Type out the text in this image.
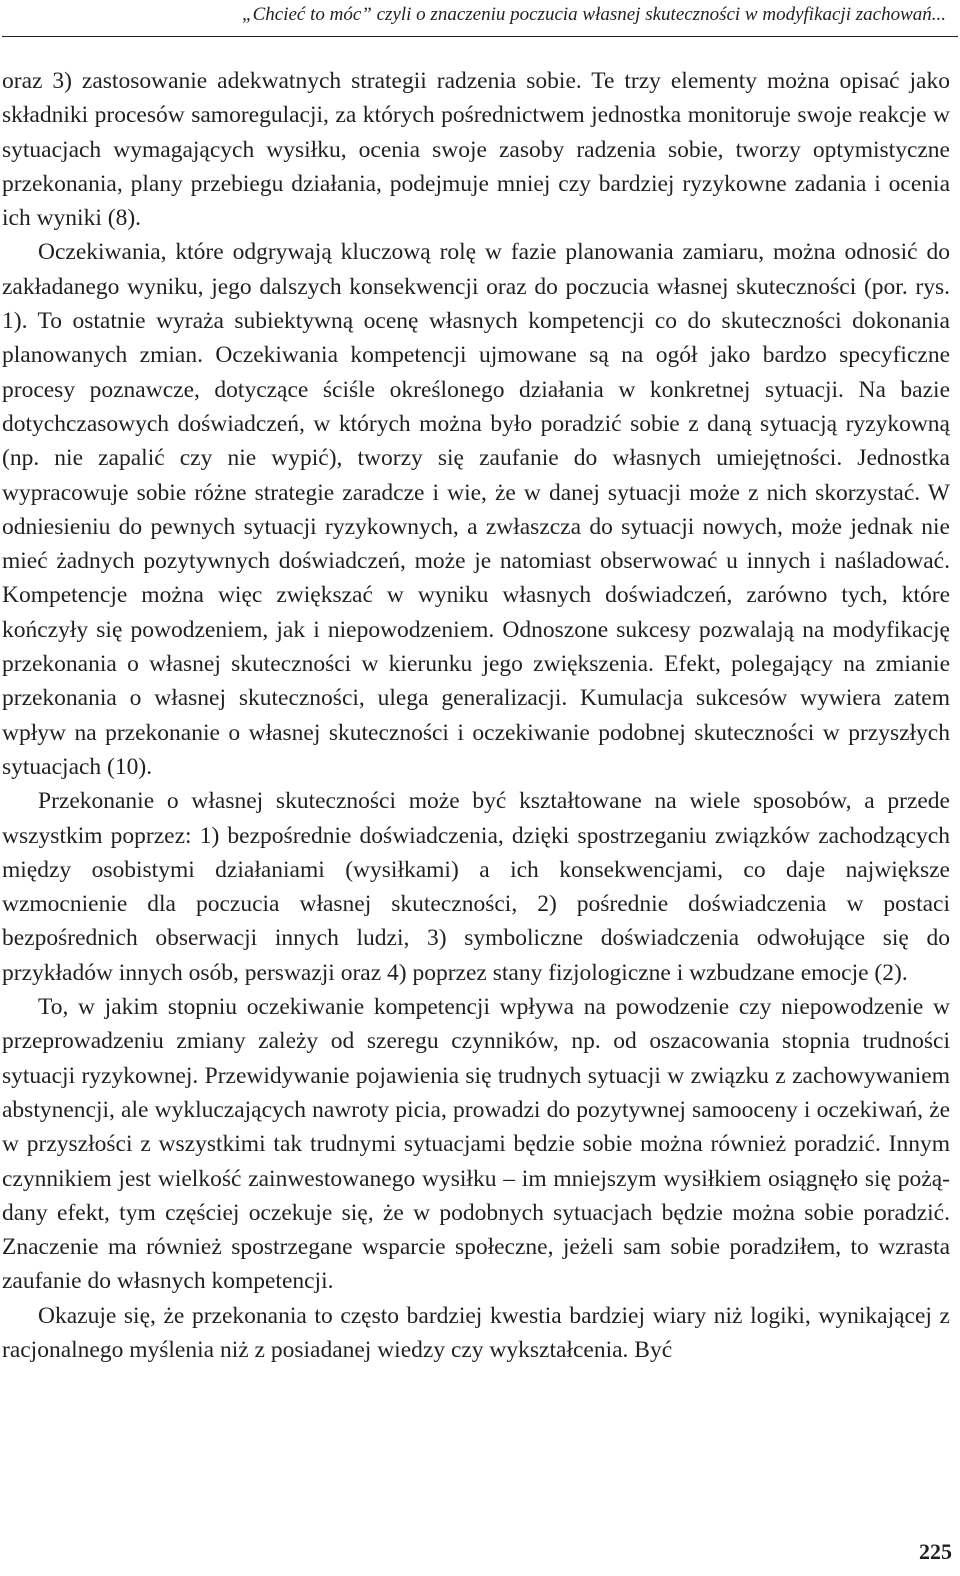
„Chcieć to móc” czyli o znaczeniu poczucia własnej skuteczności w modyfikacji zachowań...

oraz 3) zastosowanie adekwatnych strategii radzenia sobie. Te trzy elementy można opisać jako składniki procesów samoregulacji, za których pośrednictwem jednostka monitoruje swoje reakcje w sytuacjach wymagających wysiłku, ocenia swoje zasoby radzenia sobie, tworzy optymistyczne przekonania, plany przebiegu działania, podejmuje mniej czy bardziej ryzykowne zadania i ocenia ich wyniki (8).

Oczekiwania, które odgrywają kluczową rolę w fazie planowania zamiaru, można odnosić do zakładanego wyniku, jego dalszych konsekwencji oraz do poczucia własnej skuteczności (por. rys. 1). To ostatnie wyraża subiektywną ocenę własnych kompetencji co do skuteczności dokonania planowanych zmian. Oczekiwania kompetencji ujmowane są na ogół jako bardzo specyficzne procesy poznawcze, dotyczące ściśle określonego działania w konkretnej sytuacji. Na bazie dotychczasowych doświadczeń, w których można było poradzić sobie z daną sytuacją ryzykowną (np. nie zapalić czy nie wypić), tworzy się zaufanie do własnych umiejętności. Jednostka wypracowuje sobie różne strategie zaradcze i wie, że w danej sytuacji może z nich skorzystać. W odniesieniu do pewnych sytuacji ryzykownych, a zwłaszcza do sytuacji nowych, może jednak nie mieć żadnych pozytywnych doświadczeń, może je natomiast obserwować u innych i naśladować. Kompetencje można więc zwiększać w wyniku własnych doświadczeń, zarówno tych, które kończyły się powodzeniem, jak i niepowodzeniem. Odnoszone sukcesy pozwalają na modyfikację przekonania o własnej skuteczności w kierunku jego zwiększenia. Efekt, polegający na zmianie przekonania o własnej skuteczności, ulega generalizacji. Kumulacja sukcesów wywiera zatem wpływ na przekonanie o własnej skuteczności i oczekiwanie podobnej skuteczności w przyszłych sytuacjach (10).

Przekonanie o własnej skuteczności może być kształtowane na wiele sposobów, a przede wszystkim poprzez: 1) bezpośrednie doświadczenia, dzięki spostrzeganiu związków zachodzących między osobistymi działaniami (wysiłkami) a ich konsekwencjami, co daje największe wzmocnienie dla poczucia własnej skuteczności, 2) pośrednie doświadczenia w postaci bezpośrednich obserwacji innych ludzi, 3) symboliczne doświadczenia odwołujące się do przykładów innych osób, perswazji oraz 4) poprzez stany fizjologiczne i wzbudzane emocje (2).

To, w jakim stopniu oczekiwanie kompetencji wpływa na powodzenie czy niepowodzenie w przeprowadzeniu zmiany zależy od szeregu czynników, np. od oszacowania stopnia trudności sytuacji ryzykownej. Przewidywanie pojawienia się trudnych sytuacji w związku z zachowywaniem abstynencji, ale wykluczających nawroty picia, prowadzi do pozytywnej samooceny i oczekiwań, że w przyszłości z wszystkimi tak trudnymi sytuacjami będzie sobie można również poradzić. Innym czynnikiem jest wielkość zainwestowanego wysiłku – im mniejszym wysiłkiem osiągnęło się pożądany efekt, tym częściej oczekuje się, że w podobnych sytuacjach będzie można sobie poradzić. Znaczenie ma również spostrzegane wsparcie społeczne, jeżeli sam sobie poradziłem, to wzrasta zaufanie do własnych kompetencji.

Okazuje się, że przekonania to często bardziej kwestia bardziej wiary niż logiki, wynikającej z racjonalnego myślenia niż z posiadanej wiedzy czy wykształcenia. Być

225
